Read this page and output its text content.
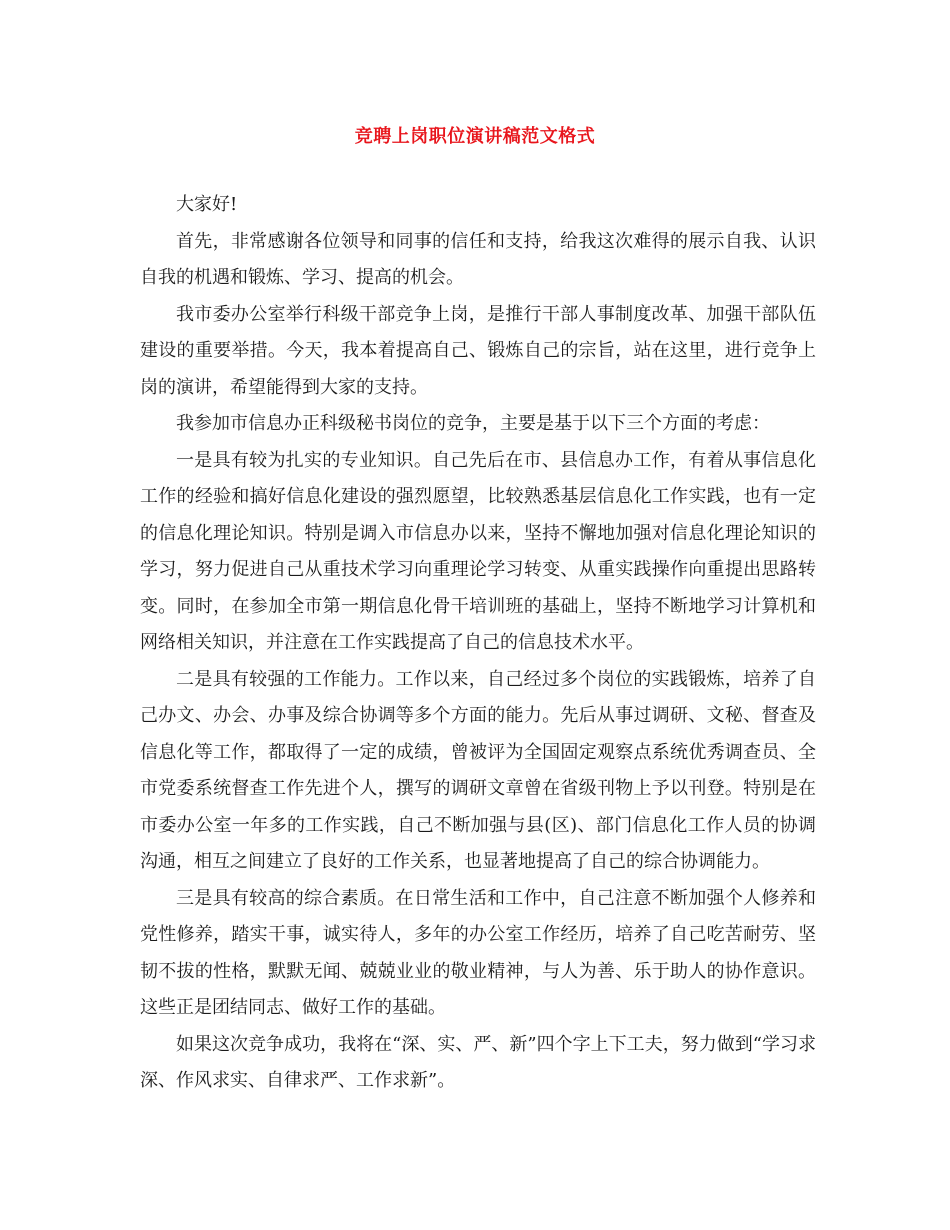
竞聘上岗职位演讲稿范文格式

大家好!

首先，非常感谢各位领导和同事的信任和支持，给我这次难得的展示自我、认识自我的机遇和锻炼、学习、提高的机会。

我市委办公室举行科级干部竞争上岗，是推行干部人事制度改革、加强干部队伍建设的重要举措。今天，我本着提高自己、锻炼自己的宗旨，站在这里，进行竞争上岗的演讲，希望能得到大家的支持。

我参加市信息办正科级秘书岗位的竞争，主要是基于以下三个方面的考虑：

一是具有较为扎实的专业知识。自己先后在市、县信息办工作，有着从事信息化工作的经验和搞好信息化建设的强烈愿望，比较熟悉基层信息化工作实践，也有一定的信息化理论知识。特别是调入市信息办以来，坚持不懈地加强对信息化理论知识的学习，努力促进自己从重技术学习向重理论学习转变、从重实践操作向重提出思路转变。同时，在参加全市第一期信息化骨干培训班的基础上，坚持不断地学习计算机和网络相关知识，并注意在工作实践提高了自己的信息技术水平。

二是具有较强的工作能力。工作以来，自己经过多个岗位的实践锻炼，培养了自己办文、办会、办事及综合协调等多个方面的能力。先后从事过调研、文秘、督查及信息化等工作，都取得了一定的成绩，曾被评为全国固定观察点系统优秀调查员、全市党委系统督查工作先进个人，撰写的调研文章曾在省级刊物上予以刊登。特别是在市委办公室一年多的工作实践，自己不断加强与县(区)、部门信息化工作人员的协调沟通，相互之间建立了良好的工作关系，也显著地提高了自己的综合协调能力。

三是具有较高的综合素质。在日常生活和工作中，自己注意不断加强个人修养和党性修养，踏实干事，诚实待人，多年的办公室工作经历，培养了自己吃苦耐劳、坚韧不拔的性格，默默无闻、兢兢业业的敬业精神，与人为善、乐于助人的协作意识。这些正是团结同志、做好工作的基础。

如果这次竞争成功，我将在“深、实、严、新”四个字上下工夫，努力做到“学习求深、作风求实、自律求严、工作求新”。
